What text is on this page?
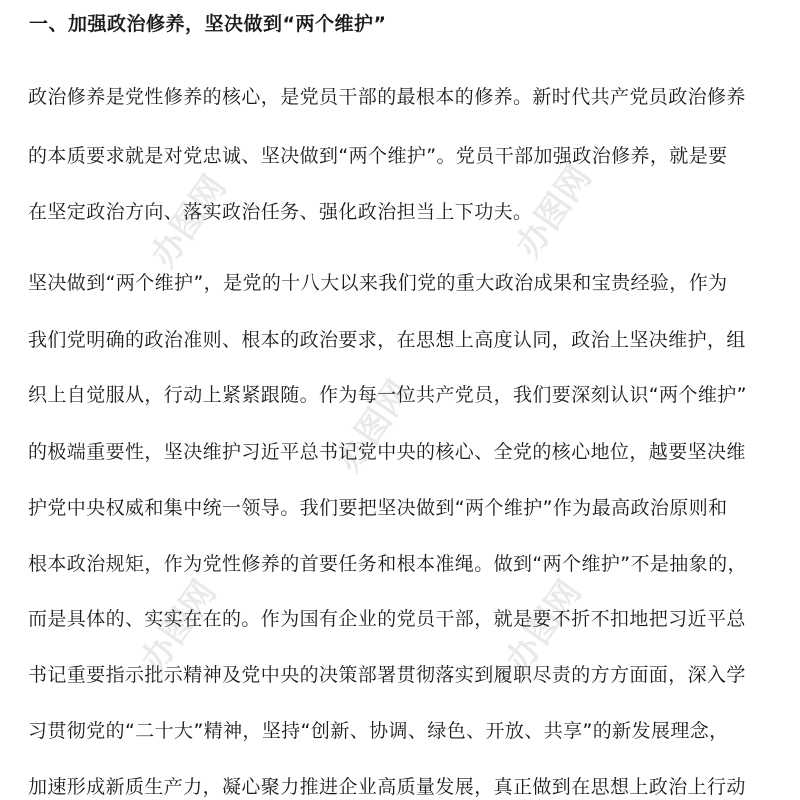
办图网	办图网
办图网	办图网
办图网
一、加强政治修养，坚决做到“两个维护”
政治修养是党性修养的核心，是党员干部的最根本的修养。新时代共产党员政治修养
的本质要求就是对党忠诚、坚决做到“两个维护”。党员干部加强政治修养，就是要
在坚定政治方向、落实政治任务、强化政治担当上下功夫。
坚决做到“两个维护”，是党的十八大以来我们党的重大政治成果和宝贵经验，作为
我们党明确的政治准则、根本的政治要求，在思想上高度认同，政治上坚决维护，组
织上自觉服从，行动上紧紧跟随。作为每一位共产党员，我们要深刻认识“两个维护”
的极端重要性，坚决维护习近平总书记党中央的核心、全党的核心地位，越要坚决维
护党中央权威和集中统一领导。我们要把坚决做到“两个维护”作为最高政治原则和
根本政治规矩，作为党性修养的首要任务和根本准绳。做到“两个维护”不是抽象的，
而是具体的、实实在在的。作为国有企业的党员干部，就是要不折不扣地把习近平总
书记重要指示批示精神及党中央的决策部署贯彻落实到履职尽责的方方面面，深入学
习贯彻党的“二十大”精神，坚持“创新、协调、绿色、开放、共享”的新发展理念，
加速形成新质生产力，凝心聚力推进企业高质量发展，真正做到在思想上政治上行动
